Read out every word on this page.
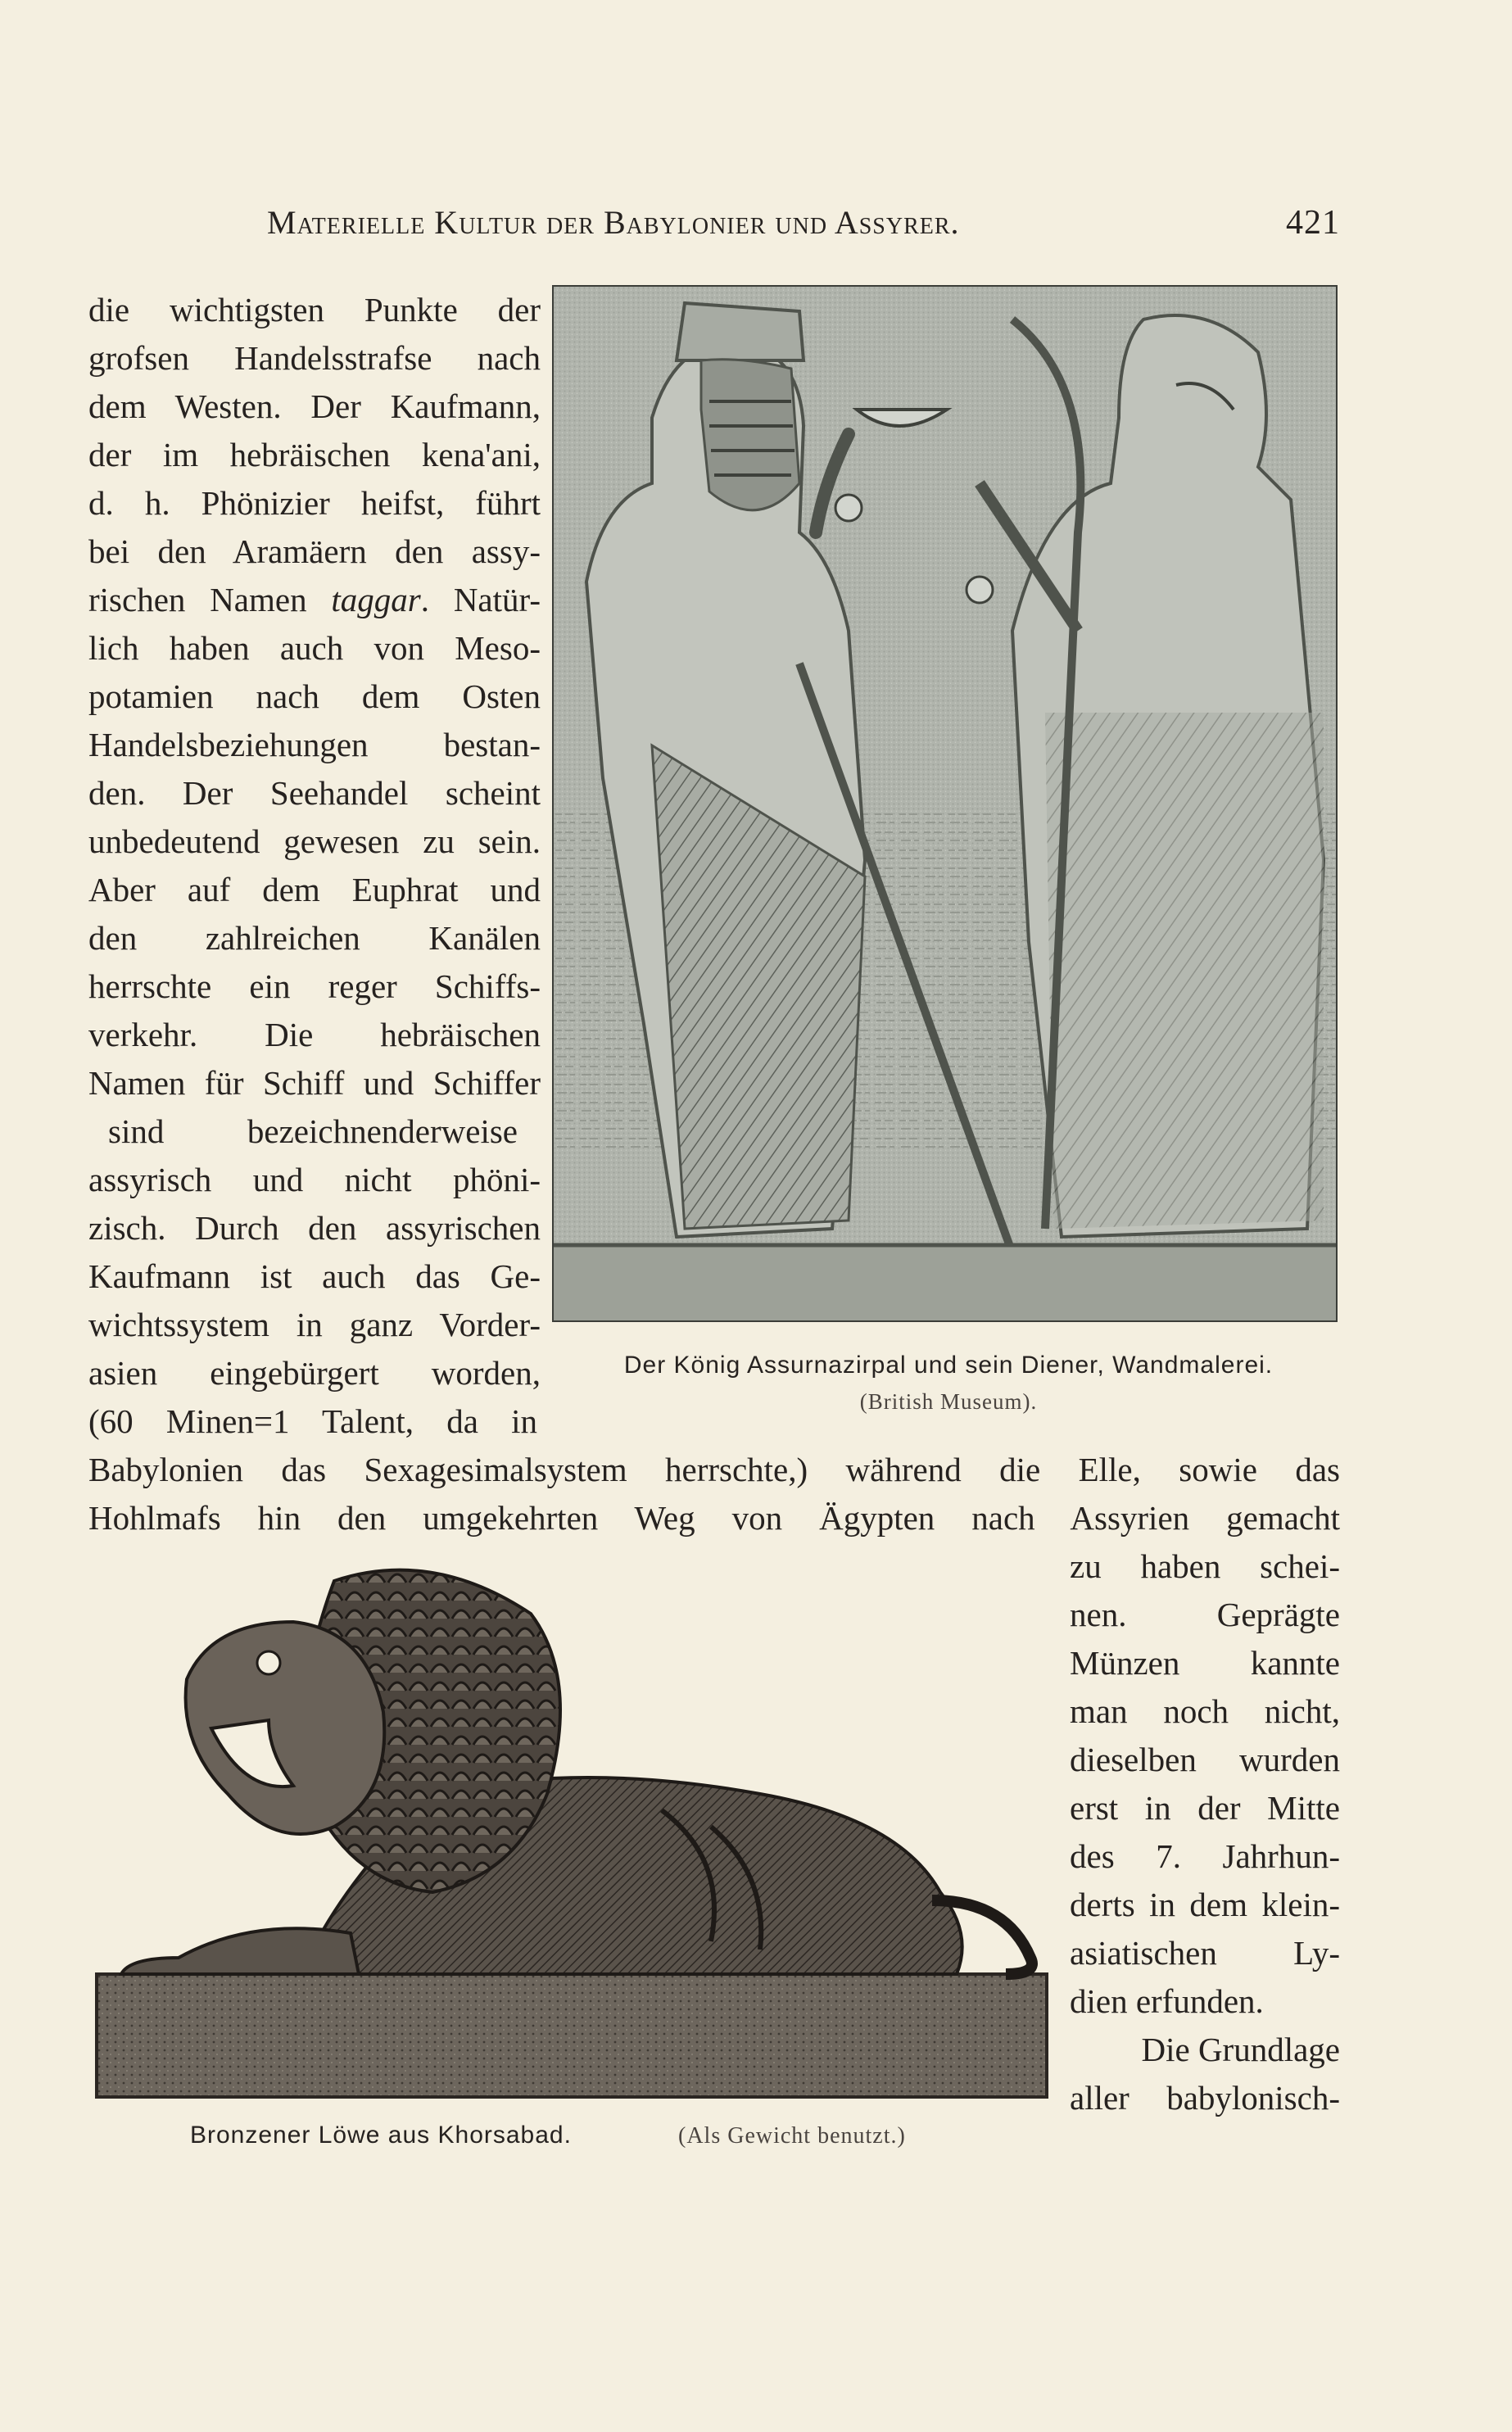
Materielle Kultur der Babylonier und Assyrer.	421
die wichtigsten Punkte der
grofsen Handelsstrafse nach
dem Westen. Der Kaufmann,
der im hebräischen kena'ani,
d. h. Phönizier heifst, führt
bei den Aramäern den assy-
rischen Namen taggar. Natür-
lich haben auch von Meso-
potamien nach dem Osten
Handelsbeziehungen bestan-
den. Der Seehandel scheint
unbedeutend gewesen zu sein.
Aber auf dem Euphrat und
den zahlreichen Kanälen
herrschte ein reger Schiffs-
verkehr. Die hebräischen
Namen für Schiff und Schiffer
sind bezeichnenderweise
assyrisch und nicht phöni-
zisch. Durch den assyrischen
Kaufmann ist auch das Ge-
wichtssystem in ganz Vorder-
asien eingebürgert worden,
(60 Minen=1 Talent, da in
Babylonien das Sexagesimalsystem herrschte,) während die Elle, sowie das
Hohlmafs hin den umgekehrten Weg von Ägypten nach Assyrien gemacht
zu haben schei-
nen. Geprägte
Münzen kannte
man noch nicht,
dieselben wurden
erst in der Mitte
des 7. Jahrhun-
derts in dem klein-
asiatischen Ly-
dien erfunden.
Die Grundlage
aller babylonisch-
Der König Assurnazirpal und sein Diener, Wandmalerei.
(British Museum).
Bronzener Löwe aus Khorsabad.	(Als Gewicht benutzt.)
